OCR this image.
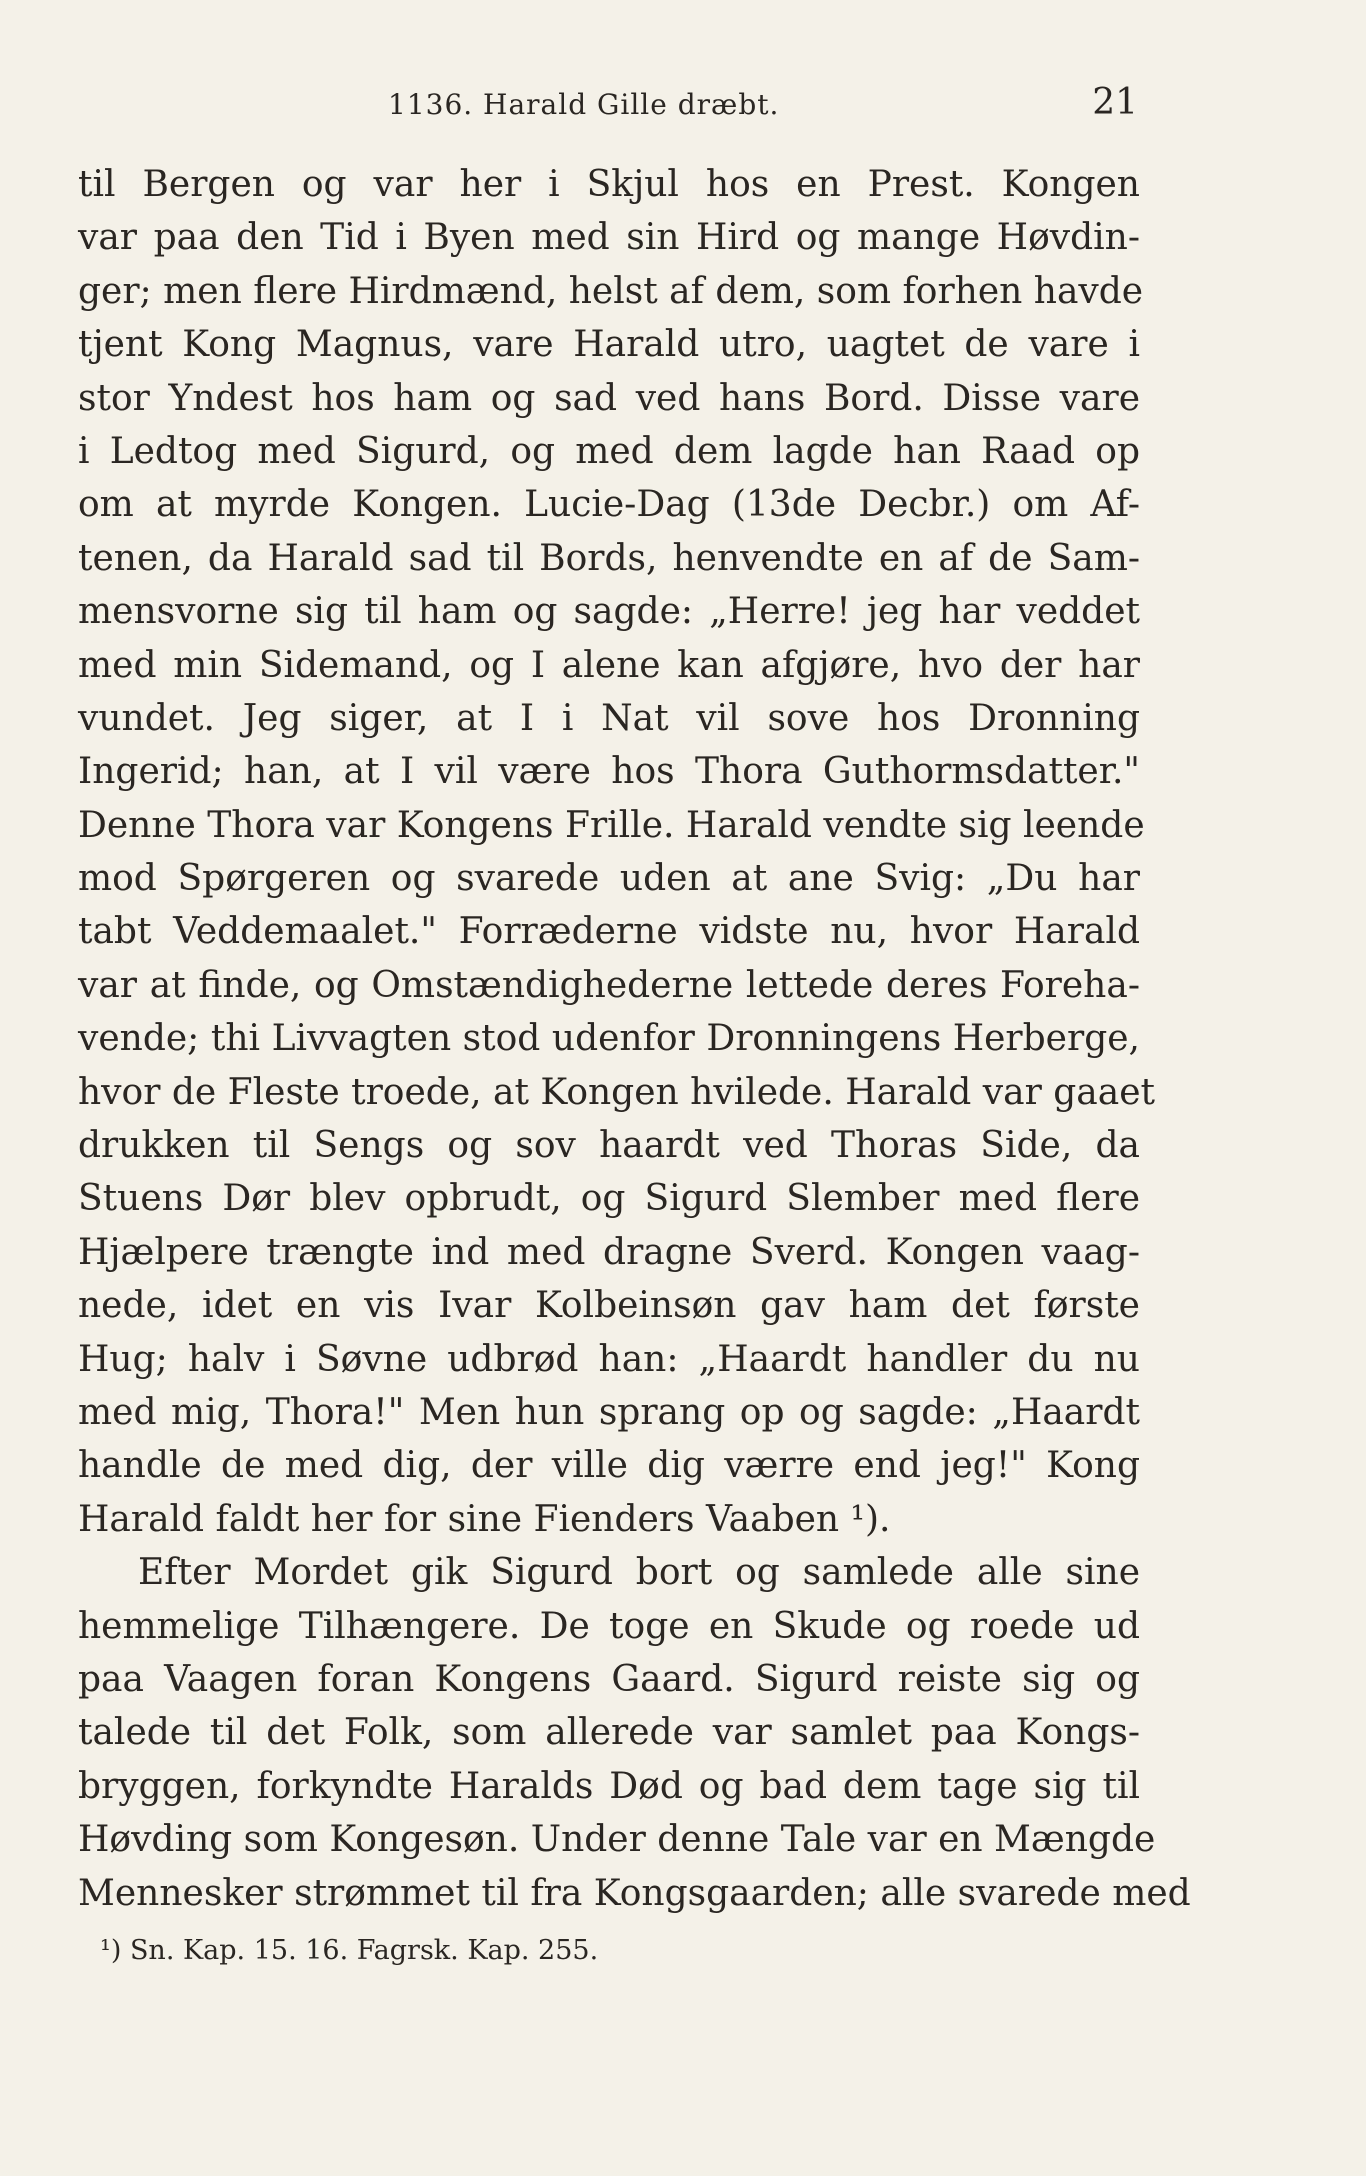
1136. Harald Gille dræbt.	21
til Bergen og var her i Skjul hos en Prest. Kongen
var paa den Tid i Byen med sin Hird og mange Høvdin-
ger; men flere Hirdmænd, helst af dem, som forhen havde
tjent Kong Magnus, vare Harald utro, uagtet de vare i
stor Yndest hos ham og sad ved hans Bord. Disse vare
i Ledtog med Sigurd, og med dem lagde han Raad op
om at myrde Kongen. Lucie-Dag (13de Decbr.) om Af-
tenen, da Harald sad til Bords, henvendte en af de Sam-
mensvorne sig til ham og sagde: „Herre! jeg har veddet
med min Sidemand, og I alene kan afgjøre, hvo der har
vundet. Jeg siger, at I i Nat vil sove hos Dronning
Ingerid; han, at I vil være hos Thora Guthormsdatter."
Denne Thora var Kongens Frille. Harald vendte sig leende
mod Spørgeren og svarede uden at ane Svig: „Du har
tabt Veddemaalet." Forræderne vidste nu, hvor Harald
var at finde, og Omstændighederne lettede deres Foreha-
vende; thi Livvagten stod udenfor Dronningens Herberge,
hvor de Fleste troede, at Kongen hvilede. Harald var gaaet
drukken til Sengs og sov haardt ved Thoras Side, da
Stuens Dør blev opbrudt, og Sigurd Slember med flere
Hjælpere trængte ind med dragne Sverd. Kongen vaag-
nede, idet en vis Ivar Kolbeinsøn gav ham det første
Hug; halv i Søvne udbrød han: „Haardt handler du nu
med mig, Thora!" Men hun sprang op og sagde: „Haardt
handle de med dig, der ville dig værre end jeg!" Kong
Harald faldt her for sine Fienders Vaaben ¹).
Efter Mordet gik Sigurd bort og samlede alle sine
hemmelige Tilhængere. De toge en Skude og roede ud
paa Vaagen foran Kongens Gaard. Sigurd reiste sig og
talede til det Folk, som allerede var samlet paa Kongs-
bryggen, forkyndte Haralds Død og bad dem tage sig til
Høvding som Kongesøn. Under denne Tale var en Mængde
Mennesker strømmet til fra Kongsgaarden; alle svarede med
¹) Sn. Kap. 15. 16. Fagrsk. Kap. 255.
